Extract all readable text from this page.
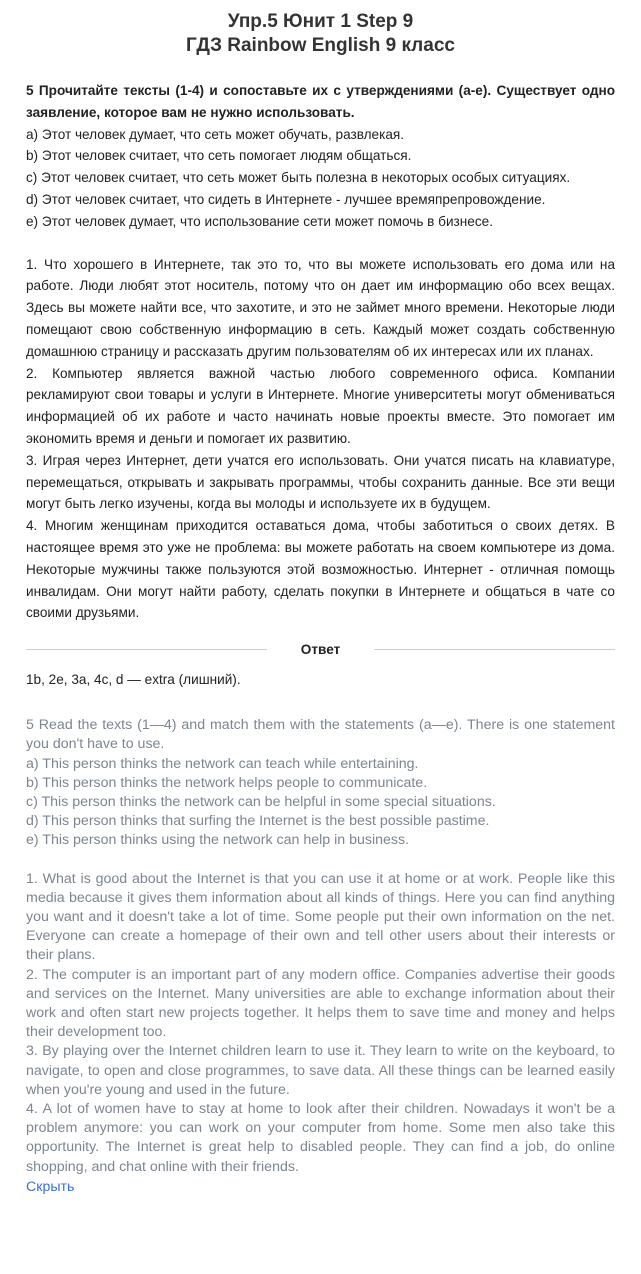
Упр.5 Юнит 1 Step 9
ГДЗ Rainbow English 9 класс

5 Прочитайте тексты (1-4) и сопоставьте их с утверждениями (a-e). Существует одно заявление, которое вам не нужно использовать.

a) Этот человек думает, что сеть может обучать, развлекая.

b) Этот человек считает, что сеть помогает людям общаться.

c) Этот человек считает, что сеть может быть полезна в некоторых особых ситуациях.

d) Этот человек считает, что сидеть в Интернете - лучшее времяпрепровождение.

e) Этот человек думает, что использование сети может помочь в бизнесе.

1. Что хорошего в Интернете, так это то, что вы можете использовать его дома или на работе. Люди любят этот носитель, потому что он дает им информацию обо всех вещах. Здесь вы можете найти все, что захотите, и это не займет много времени. Некоторые люди помещают свою собственную информацию в сеть. Каждый может создать собственную домашнюю страницу и рассказать другим пользователям об их интересах или их планах.

2. Компьютер является важной частью любого современного офиса. Компании рекламируют свои товары и услуги в Интернете. Многие университеты могут обмениваться информацией об их работе и часто начинать новые проекты вместе. Это помогает им экономить время и деньги и помогает их развитию.

3. Играя через Интернет, дети учатся его использовать. Они учатся писать на клавиатуре, перемещаться, открывать и закрывать программы, чтобы сохранить данные. Все эти вещи могут быть легко изучены, когда вы молоды и используете их в будущем.

4. Многим женщинам приходится оставаться дома, чтобы заботиться о своих детях. В настоящее время это уже не проблема: вы можете работать на своем компьютере из дома. Некоторые мужчины также пользуются этой возможностью. Интернет - отличная помощь инвалидам. Они могут найти работу, сделать покупки в Интернете и общаться в чате со своими друзьями.

Ответ
1b, 2e, 3a, 4c, d — extra (лишний).

5 Read the texts (1—4) and match them with the statements (a—e). There is one statement you don't have to use.

a) This person thinks the network can teach while entertaining.

b) This person thinks the network helps people to communicate.

c) This person thinks the network can be helpful in some special situations.

d) This person thinks that surfing the Internet is the best possible pastime.

e) This person thinks using the network can help in business.

1. What is good about the Internet is that you can use it at home or at work. People like this media because it gives them information about all kinds of things. Here you can find anything you want and it doesn't take a lot of time. Some people put their own information on the net. Everyone can create a homepage of their own and tell other users about their interests or their plans.

2. The computer is an important part of any modern office. Companies advertise their goods and services on the Internet. Many universities are able to exchange information about their work and often start new projects together. It helps them to save time and money and helps their development too.

3. By playing over the Internet children learn to use it. They learn to write on the keyboard, to navigate, to open and close programmes, to save data. All these things can be learned easily when you're young and used in the future.

4. A lot of women have to stay at home to look after their children. Nowadays it won't be a problem anymore: you can work on your computer from home. Some men also take this opportunity. The Internet is great help to disabled people. They can find a job, do online shopping, and chat online with their friends.

Скрыть
